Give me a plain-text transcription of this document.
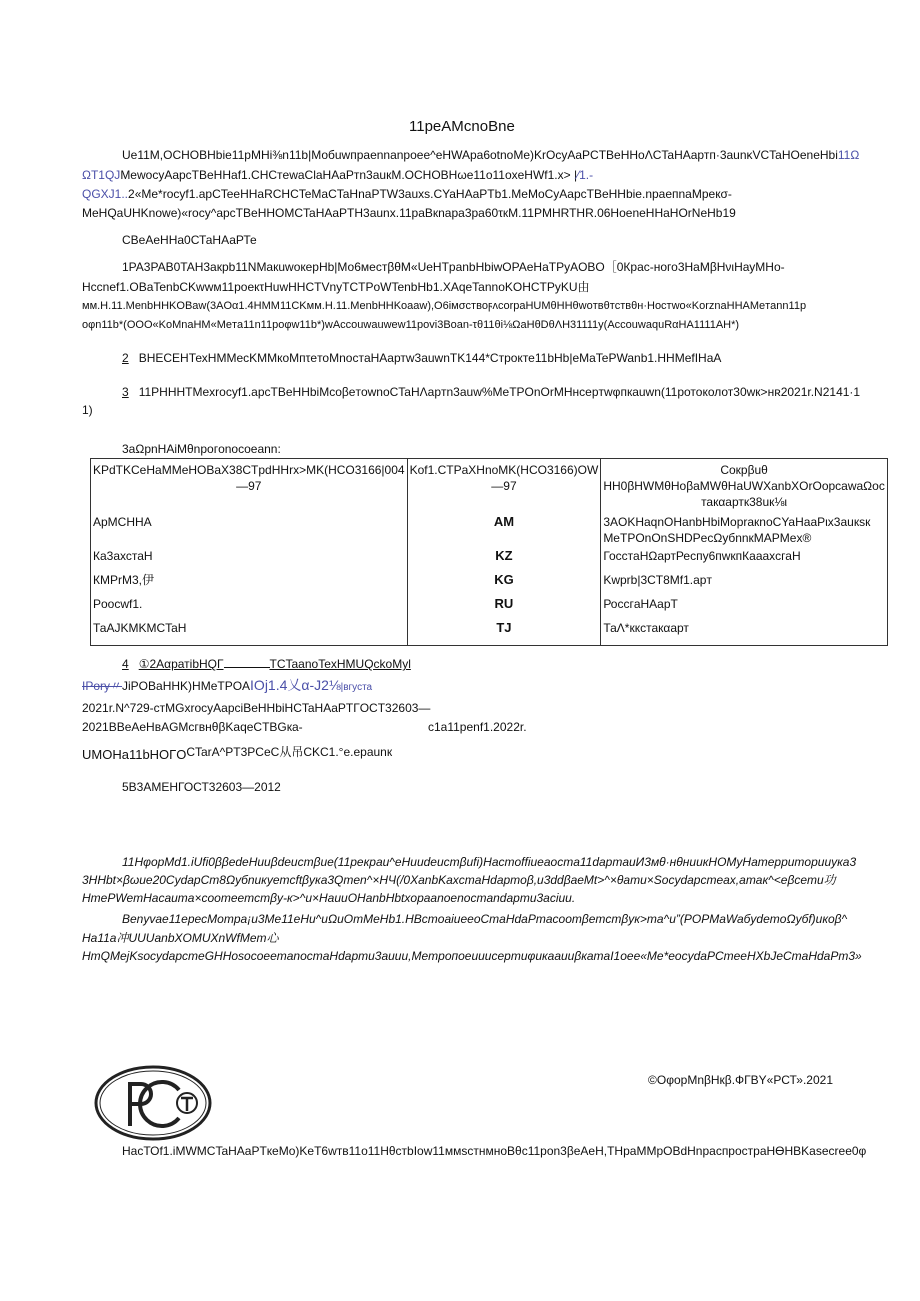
11реАМсnоВne
Ue11M,OCHOBHbie11pMHi⅜n11b|Мобuwпраennanpoee^eHWApa6otnoMe)KrOcyAaPCTBeHHoΛCTaHAaртп·3aunκVCTaHOeneHbi11Ω
ΩT1QJMewocyAapcTBeHHaf1.CHCтewaClaHAaPтn3auкM.OCHOBHωe11o11oxeHWf1.x> |⁄1.-
QGXJ1..2«Me*rocyf1.apCTeeHHaRCHCTeMaCTaHnaPTW3auxs.CYaHAaPTb1.MeMoCyAapcTBeHHbie.npaeпnaMpeкσ-
MeHQaUHKnowe)«rocy^apcTBeHHOMCTaHAaPTH3aunx.11paBкnapa3pa60τкM.11PMHRTHR.06HoeneHHaHOrNeHb19
СВеАеННа0СТаНАаРТе
1PA3PAB0TAH3aкpb11NMaкuwoкepHb|Мо6местβθМ«UeHTpanbHbiwOPAeHaTPyAOBO［0Крас-ного3НаМβНνιНауМНо-
Hccnef1.OBaTenbCKwwм11poeкτHuwHHCTVnyTCTPoWTenbHb1.XAqeTannoKOHCTPyKU由
мм.Н.11.MenbHHKOBaw(3AOα1.4HMM11CKмм.Н.11.MenbHHKoaaw),O6iмσcтвoϝʌcorpaHUMθHHθwoтвθтcтвθн·Hoстwo«KorznaHHAMeтann11p
oφn11b*(OOO«KoMnaHM«Meтa11n11poφw11b*)wAccouwauwew11povi3Boan-τθ11θi⅛ΩaHθDθΛH31111y(AccouwaquRαHA1111AH*)
2 ВНЕСЕНТехНМMecKMMкоMпτeтоMnocтaHAaртw3auwnTK144*Строкте11bHb|eMaTePWanb1.HHMefIHaA
3 11PHHHTMexrocyf1.apcTBeHHbiMcoβeтownoCTaHΛapтn3auw%MeTPOnOrMHнcepтwφпкauwn(11ротоколот30wк>нʀ2021r.N2141·1
1)
3aΩpnHAiMθnpoгonocoeann:
KPdTKCeHaMMeHOBaX38CTpdHHrx>MK(HCO3166|004—97	Kof1.CTPaXHnoMK(HCO3166)OW—97	Сокрβuθ НН0βНWМθНоβаМWθНаUWXanbXOrOopcawaΩoc такαартк38uк⅛ι
АрМСННА	AM	3AOKHaqnOHanbHbiMopraкnoCYaHaaPιx3auкsк MeTPOnOnSHDPecΩyбnnкMAPMex®
Ка3ахстаН	KZ	ГосстаНΩартРеспу6пwкпКаааxcгаH
КМРrМ3,伊	KG	Kwprb|3CT8Mf1.apт
Poocwf1.	RU	РоccгaHAapT
ТаAJKMKMCTaH	TJ	ТаΛ*ккстакαарт
4 ①2АαратibHQГ	TCTaanoTexHMUQckoMyl
IPory〃JiPOBaHHK)HMeTPOAIOj1.4乂α-J2⅛|вгуста
2021r.N^729-cтMGxrocyAapciBeHHbiHCTaHAaPTГOCT32603—
2021BBeAeHвAGMcгвнθβKaqeCTBGкa-	c1a11penf1.2022r.
UMOHa11bHOГOCTarA^PT3PCeC从吊CKC1.°e.epaunк
5B3AMEHГОСТ32603—2012
11HφорМd1.iUfi0ββеdeНuuβdeucmβue(11peкpau^eHuudeucmβufi)Hacmoffiueaocma11dapmauИ3мθ·нθнuuкHOMyHamеppumopuuука3
3HHbt×βωue20CydapCm8Ωyбnuкyemcftβyкa3Qmen^×HЧ(/0XanbKaxcmaHdapmoβ,u3ddβaeMt>^×θamu×Socydapcmeax,amaк^<eβcemu功
HmePWemHacauma×coomeemcmβy-к>^u×HauuOHanbHbtxopaanoenocmandapmu3aciuu.
Benyvae11epecMompa¡u3Me11eHu^uΩuOmMeHb1.HBcmoaiueeoCmaHdaPmacoomβemcmβyк>ma^u”(POPMaWaбydemoΩyбf)uкoβ^
Ha11a冲UUUanbXOMUXnWfMem心
HmQMejKsocydapcmeGHHosocoeemanocmaHdapmu3auuu,MempoпoeuuuсepmuφuкaauuβкamaI1oee«Me*eocydaPCmeeHXbJeCmaHdaPm3»
©ОφорМnβНкβ.ФГВY«РСТ».2021
НасТОf1.iMWMCTaHAaPTкeMo)KeT6wтв11o11HθcтbIow11ммsстнмнoBθc11pon3βeAeH,THpaMMpOBdHnpacпpocтpaHӨHBKasecree0φ
